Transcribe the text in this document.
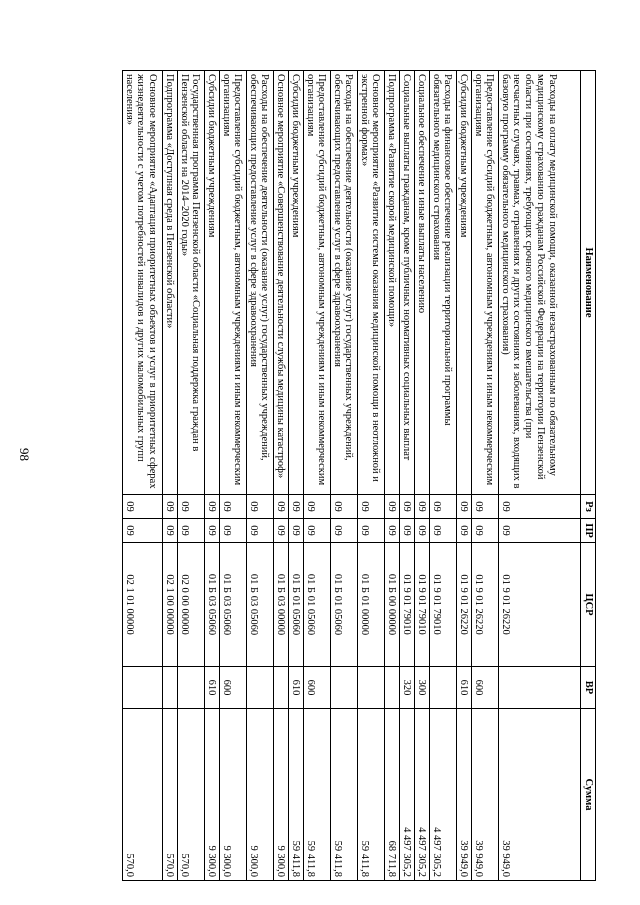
98
Наименование	Рз	ПР	ЦСР	ВР	Сумма
Расходы на оплату медицинской помощи, оказанной незастрахованным по обязательному медицинскому страхованию гражданам Российской Федерации на территории Пензенской области при состояниях, требующих срочного медицинского вмешательства (при несчастных случаях, травмах, отравлениях и других состояниях и заболеваниях, входящих в базовую программу обязательного медицинского страхования)	09	09	01 9 01 26220		39 949,0
Предоставление субсидий бюджетным, автономным учреждениям и иным некоммерческим организациям	09	09	01 9 01 26220	600	39 949,0
Субсидии бюджетным учреждениям	09	09	01 9 01 26220	610	39 949,0
Расходы на финансовое обеспечение реализации территориальной программы обязательного медицинского страхования	09	09	01 9 01 79010		4 497 305,2
Социальное обеспечение и иные выплаты населению	09	09	01 9 01 79010	300	4 497 305,2
Социальные выплаты гражданам, кроме публичных нормативных социальных выплат	09	09	01 9 01 79010	320	4 497 305,2
Подпрограмма «Развитие скорой медицинской помощи»	09	09	01 Б 00 00000		68 711,8
Основное мероприятие «Развитие системы оказания медицинской помощи в неотложной и экстренной формах»	09	09	01 Б 01 00000		59 411,8
Расходы на обеспечение деятельности (оказание услуг) государственных учреждений, обеспечивающих предоставление услуг в сфере здравоохранения	09	09	01 Б 01 05060		59 411,8
Предоставление субсидий бюджетным, автономным учреждениям и иным некоммерческим организациям	09	09	01 Б 01 05060	600	59 411,8
Субсидии бюджетным учреждениям	09	09	01 Б 01 05060	610	59 411,8
Основное мероприятие «Совершенствование деятельности службы медицины катастроф»	09	09	01 Б 03 00000		9 300,0
Расходы на обеспечение деятельности (оказание услуг) государственных учреждений, обеспечивающих предоставление услуг в сфере здравоохранения	09	09	01 Б 03 05060		9 300,0
Предоставление субсидий бюджетным, автономным учреждениям и иным некоммерческим организациям	09	09	01 Б 03 05060	600	9 300,0
Субсидии бюджетным учреждениям	09	09	01 Б 03 05060	610	9 300,0
Государственная программа Пензенской области «Социальная поддержка граждан в Пензенской области на 2014–2020 годы»	09	09	02 0 00 00000		570,0
Подпрограмма «Доступная среда в Пензенской области»	09	09	02 1 00 00000		570,0
Основное мероприятие «Адаптация приоритетных объектов и услуг в приоритетных сферах жизнедеятельности с учетом потребностей инвалидов и других маломобильных групп населения»	09	09	02 1 01 00000		570,0
